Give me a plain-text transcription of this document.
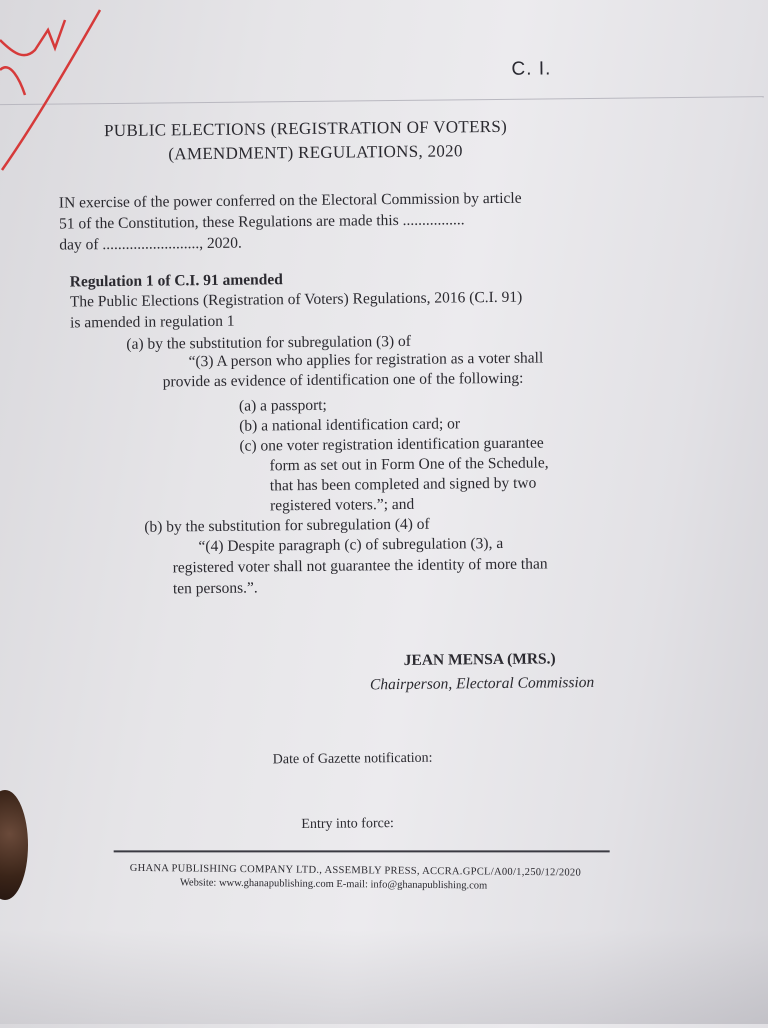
C. I.
PUBLIC ELECTIONS (REGISTRATION OF VOTERS)
(AMENDMENT) REGULATIONS, 2020
IN exercise of the power conferred on the Electoral Commission by article
51 of the Constitution, these Regulations are made this ................
day of ........................., 2020.
Regulation 1 of C.I. 91 amended
The Public Elections (Registration of Voters) Regulations, 2016 (C.I. 91)
is amended in regulation 1
(a) by the substitution for subregulation (3) of
“(3) A person who applies for registration as a voter shall
provide as evidence of identification one of the following:
(a) a passport;
(b) a national identification card; or
(c) one voter registration identification guarantee
form as set out in Form One of the Schedule,
that has been completed and signed by two
registered voters.”; and
(b) by the substitution for subregulation (4) of
“(4) Despite paragraph (c) of subregulation (3), a
registered voter shall not guarantee the identity of more than
ten persons.”.
JEAN MENSA (MRS.)
Chairperson, Electoral Commission
Date of Gazette notification:
Entry into force:
GHANA PUBLISHING COMPANY LTD., ASSEMBLY PRESS, ACCRA.GPCL/A00/1,250/12/2020
Website: www.ghanapublishing.com E-mail: info@ghanapublishing.com
